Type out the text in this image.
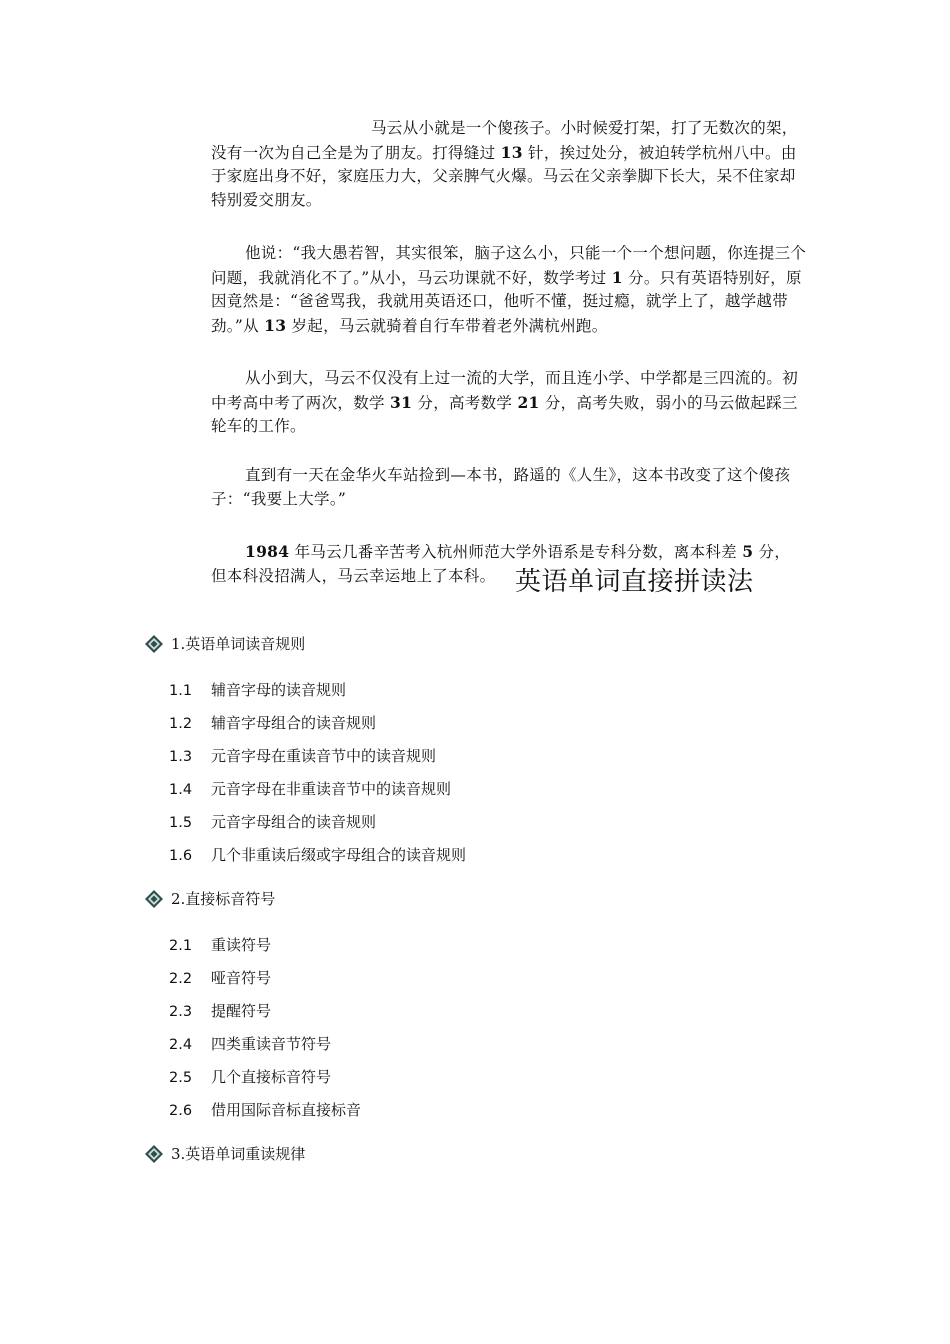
马云从小就是一个傻孩子。小时候爱打架，打了无数次的架，
没有一次为自己全是为了朋友。打得缝过 13 针，挨过处分，被迫转学杭州八中。由于家庭出身不好，家庭压力大，父亲脾气火爆。马云在父亲拳脚下长大，呆不住家却特别爱交朋友。

他说：“我大愚若智，其实很笨，脑子这么小，只能一个一个想问题，你连提三个问题，我就消化不了。”从小，马云功课就不好，数学考过 1 分。只有英语特别好，原因竟然是：“爸爸骂我，我就用英语还口，他听不懂，挺过瘾，就学上了，越学越带劲。”从 13 岁起，马云就骑着自行车带着老外满杭州跑。

从小到大，马云不仅没有上过一流的大学，而且连小学、中学都是三四流的。初中考高中考了两次，数学 31 分，高考数学 21 分，高考失败，弱小的马云做起踩三轮车的工作。

直到有一天在金华火车站捡到—本书，路遥的《人生》，这本书改变了这个傻孩子：“我要上大学。”

1984 年马云几番辛苦考入杭州师范大学外语系是专科分数，离本科差 5 分，
但本科没招满人，马云幸运地上了本科。 英语单词直接拼读法
1.英语单词读音规则
1.1 辅音字母的读音规则
1.2 辅音字母组合的读音规则
1.3 元音字母在重读音节中的读音规则
1.4 元音字母在非重读音节中的读音规则
1.5 元音字母组合的读音规则
1.6 几个非重读后缀或字母组合的读音规则
2.直接标音符号
2.1 重读符号
2.2 哑音符号
2.3 提醒符号
2.4 四类重读音节符号
2.5 几个直接标音符号
2.6 借用国际音标直接标音
3.英语单词重读规律
